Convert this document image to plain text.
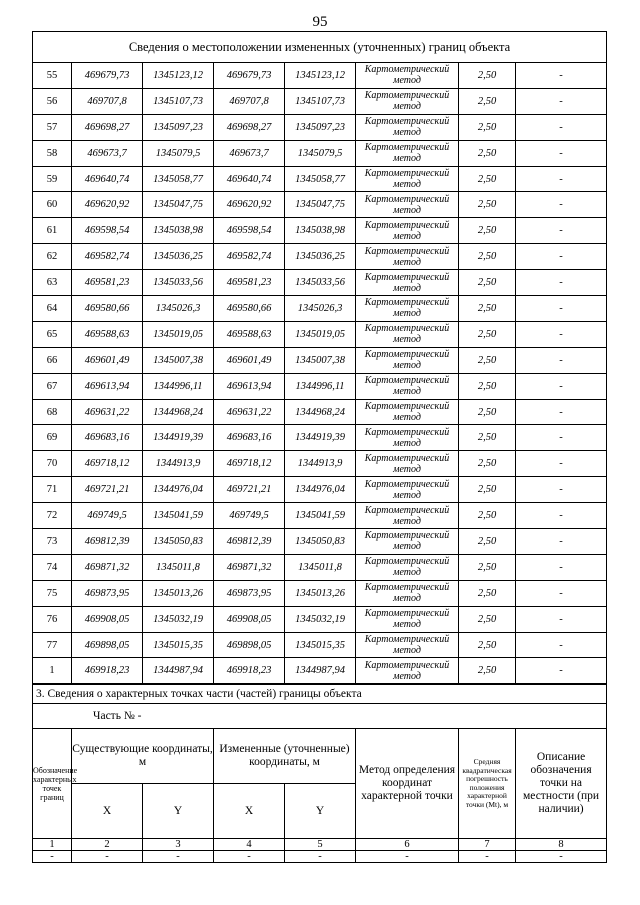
95
Сведения о местоположении измененных (уточненных) границ объекта							
55	469679,73	1345123,12	469679,73	1345123,12	Картометрический метод	2,50	-
56	469707,8	1345107,73	469707,8	1345107,73	Картометрический метод	2,50	-
57	469698,27	1345097,23	469698,27	1345097,23	Картометрический метод	2,50	-
58	469673,7	1345079,5	469673,7	1345079,5	Картометрический метод	2,50	-
59	469640,74	1345058,77	469640,74	1345058,77	Картометрический метод	2,50	-
60	469620,92	1345047,75	469620,92	1345047,75	Картометрический метод	2,50	-
61	469598,54	1345038,98	469598,54	1345038,98	Картометрический метод	2,50	-
62	469582,74	1345036,25	469582,74	1345036,25	Картометрический метод	2,50	-
63	469581,23	1345033,56	469581,23	1345033,56	Картометрический метод	2,50	-
64	469580,66	1345026,3	469580,66	1345026,3	Картометрический метод	2,50	-
65	469588,63	1345019,05	469588,63	1345019,05	Картометрический метод	2,50	-
66	469601,49	1345007,38	469601,49	1345007,38	Картометрический метод	2,50	-
67	469613,94	1344996,11	469613,94	1344996,11	Картометрический метод	2,50	-
68	469631,22	1344968,24	469631,22	1344968,24	Картометрический метод	2,50	-
69	469683,16	1344919,39	469683,16	1344919,39	Картометрический метод	2,50	-
70	469718,12	1344913,9	469718,12	1344913,9	Картометрический метод	2,50	-
71	469721,21	1344976,04	469721,21	1344976,04	Картометрический метод	2,50	-
72	469749,5	1345041,59	469749,5	1345041,59	Картометрический метод	2,50	-
73	469812,39	1345050,83	469812,39	1345050,83	Картометрический метод	2,50	-
74	469871,32	1345011,8	469871,32	1345011,8	Картометрический метод	2,50	-
75	469873,95	1345013,26	469873,95	1345013,26	Картометрический метод	2,50	-
76	469908,05	1345032,19	469908,05	1345032,19	Картометрический метод	2,50	-
77	469898,05	1345015,35	469898,05	1345015,35	Картометрический метод	2,50	-
1	469918,23	1344987,94	469918,23	1344987,94	Картометрический метод	2,50	-
3. Сведения о характерных точках части (частей) границы объекта							
Часть № -							
Обозначение характерных точек границ	Существующие координаты, м		Измененные (уточненные) координаты, м		Метод определения координат характерной точки	Средняя квадратическая погрешность положения характерной точки (Mt), м	Описание обозначения точки на местности (при наличии)
	X	Y	X	Y			
1	2	3	4	5	6	7	8
-	-	-	-	-	-	-	-
